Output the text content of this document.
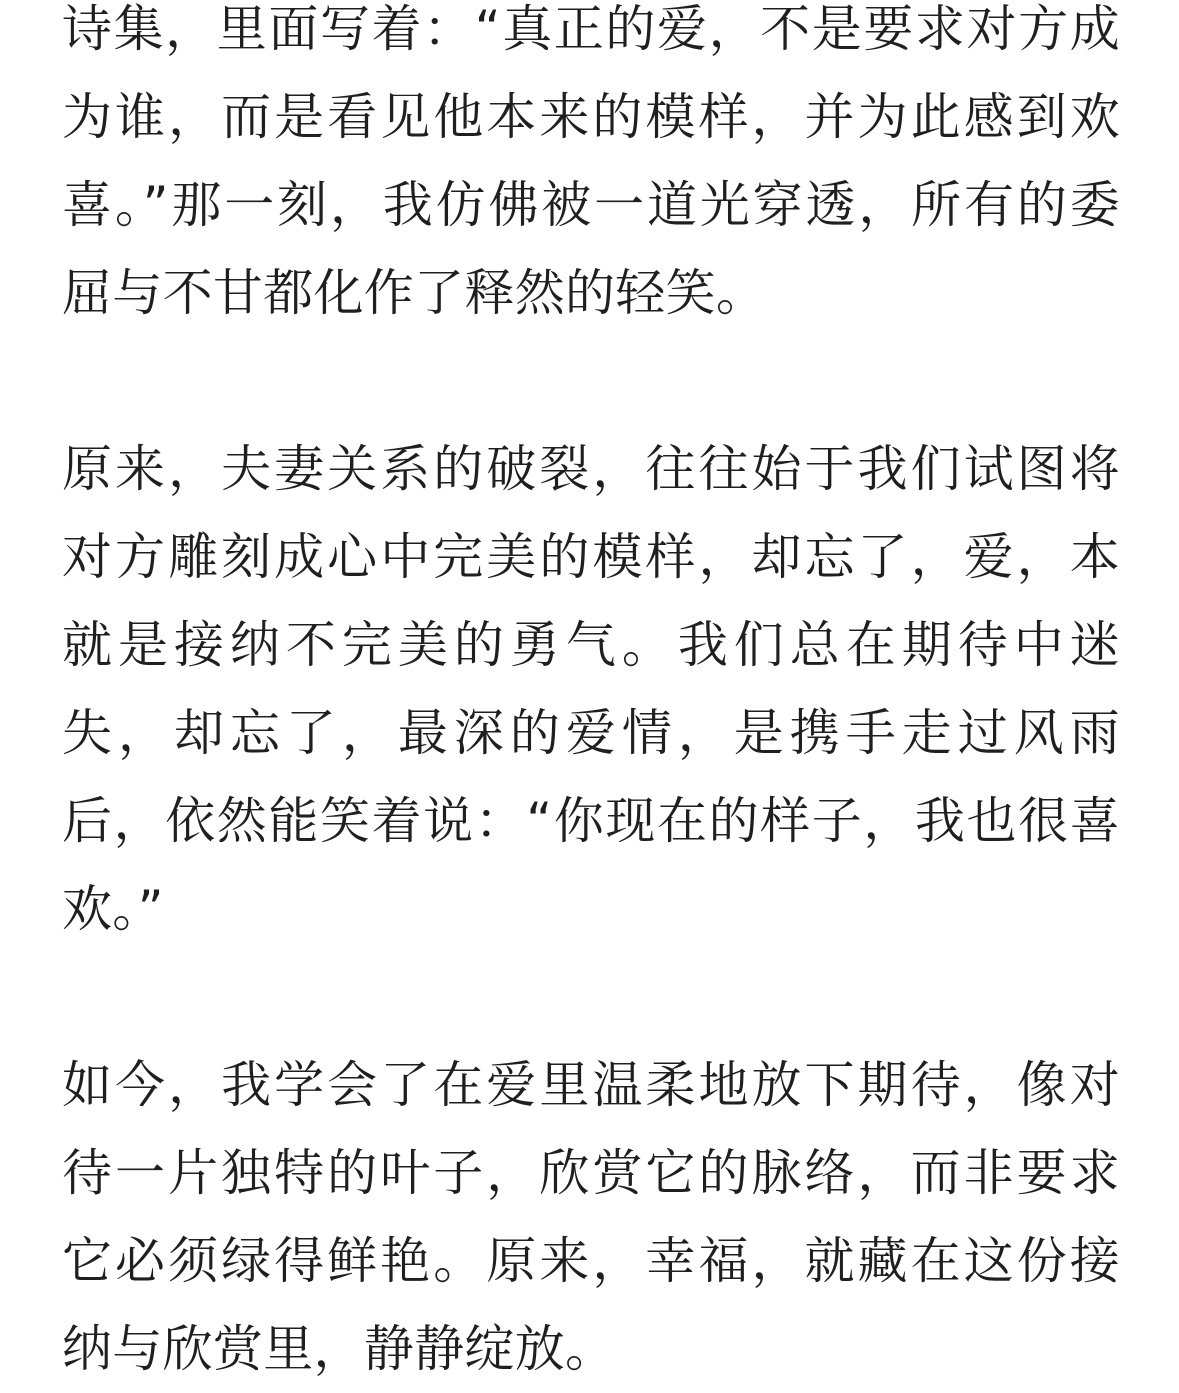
诗集，里面写着：“真正的爱，不是要求对方成
为谁，而是看见他本来的模样，并为此感到欢
喜。”那一刻，我仿佛被一道光穿透，所有的委
屈与不甘都化作了释然的轻笑。

原来，夫妻关系的破裂，往往始于我们试图将
对方雕刻成心中完美的模样，却忘了，爱，本
就是接纳不完美的勇气。我们总在期待中迷
失，却忘了，最深的爱情，是携手走过风雨
后，依然能笑着说：“你现在的样子，我也很喜
欢。”

如今，我学会了在爱里温柔地放下期待，像对
待一片独特的叶子，欣赏它的脉络，而非要求
它必须绿得鲜艳。原来，幸福，就藏在这份接
纳与欣赏里，静静绽放。
